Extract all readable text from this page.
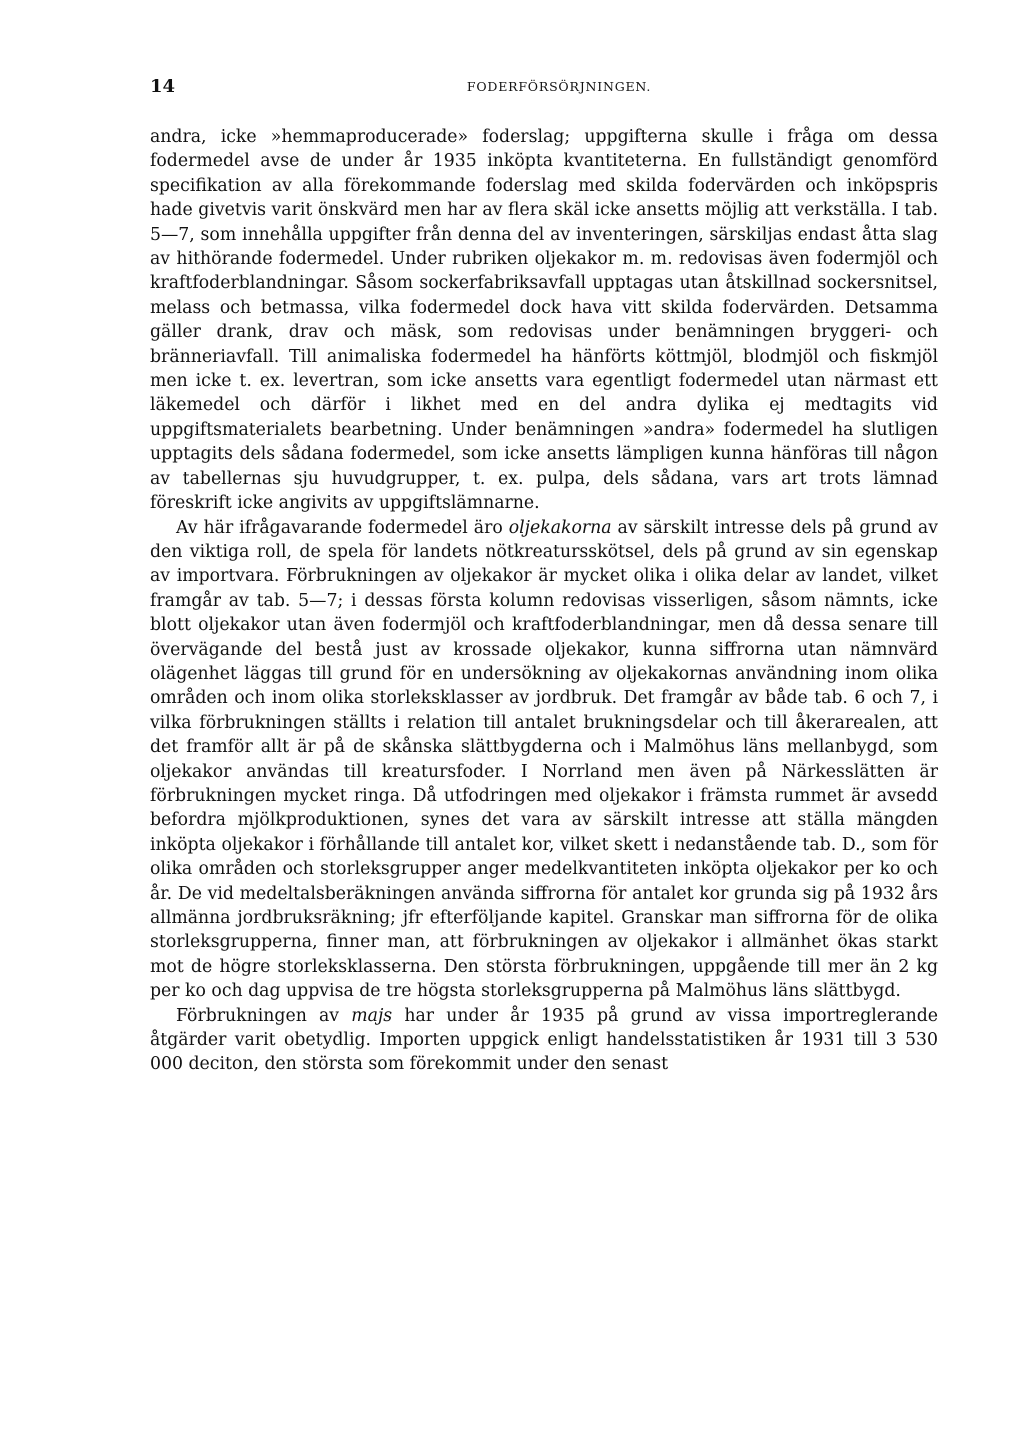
14	FODERFÖRSÖRJNINGEN.

andra, icke »hemmaproducerade» foderslag; uppgifterna skulle i fråga om dessa fodermedel avse de under år 1935 inköpta kvantiteterna. En fullständigt genomförd specifikation av alla förekommande foderslag med skilda fodervärden och inköpspris hade givetvis varit önskvärd men har av flera skäl icke ansetts möjlig att verkställa. I tab. 5—7, som innehålla uppgifter från denna del av inventeringen, särskiljas endast åtta slag av hithörande fodermedel. Under rubriken oljekakor m. m. redovisas även fodermjöl och kraftfoderblandningar. Såsom sockerfabriksavfall upptagas utan åtskillnad sockersnitsel, melass och betmassa, vilka fodermedel dock hava vitt skilda fodervärden. Detsamma gäller drank, drav och mäsk, som redovisas under benämningen bryggeri- och bränneriavfall. Till animaliska fodermedel ha hänförts köttmjöl, blodmjöl och fiskmjöl men icke t. ex. levertran, som icke ansetts vara egentligt fodermedel utan närmast ett läkemedel och därför i likhet med en del andra dylika ej medtagits vid uppgiftsmaterialets bearbetning. Under benämningen »andra» fodermedel ha slutligen upptagits dels sådana fodermedel, som icke ansetts lämpligen kunna hänföras till någon av tabellernas sju huvudgrupper, t. ex. pulpa, dels sådana, vars art trots lämnad föreskrift icke angivits av uppgiftslämnarne.

Av här ifrågavarande fodermedel äro oljekakorna av särskilt intresse dels på grund av den viktiga roll, de spela för landets nötkreatursskötsel, dels på grund av sin egenskap av importvara. Förbrukningen av oljekakor är mycket olika i olika delar av landet, vilket framgår av tab. 5—7; i dessas första kolumn redovisas visserligen, såsom nämnts, icke blott oljekakor utan även fodermjöl och kraftfoderblandningar, men då dessa senare till övervägande del bestå just av krossade oljekakor, kunna siffrorna utan nämnvärd olägenhet läggas till grund för en undersökning av oljekakornas användning inom olika områden och inom olika storleksklasser av jordbruk. Det framgår av både tab. 6 och 7, i vilka förbrukningen ställts i relation till antalet brukningsdelar och till åkerarealen, att det framför allt är på de skånska slättbygderna och i Malmöhus läns mellanbygd, som oljekakor användas till kreatursfoder. I Norrland men även på Närkesslätten är förbrukningen mycket ringa. Då utfodringen med oljekakor i främsta rummet är avsedd befordra mjölkproduktionen, synes det vara av särskilt intresse att ställa mängden inköpta oljekakor i förhållande till antalet kor, vilket skett i nedanstående tab. D., som för olika områden och storleksgrupper anger medelkvantiteten inköpta oljekakor per ko och år. De vid medeltalsberäkningen använda siffrorna för antalet kor grunda sig på 1932 års allmänna jordbruksräkning; jfr efterföljande kapitel. Granskar man siffrorna för de olika storleksgrupperna, finner man, att förbrukningen av oljekakor i allmänhet ökas starkt mot de högre storleksklasserna. Den största förbrukningen, uppgående till mer än 2 kg per ko och dag uppvisa de tre högsta storleksgrupperna på Malmöhus läns slättbygd.

Förbrukningen av majs har under år 1935 på grund av vissa importreglerande åtgärder varit obetydlig. Importen uppgick enligt handelsstatistiken år 1931 till 3 530 000 deciton, den största som förekommit under den senast
